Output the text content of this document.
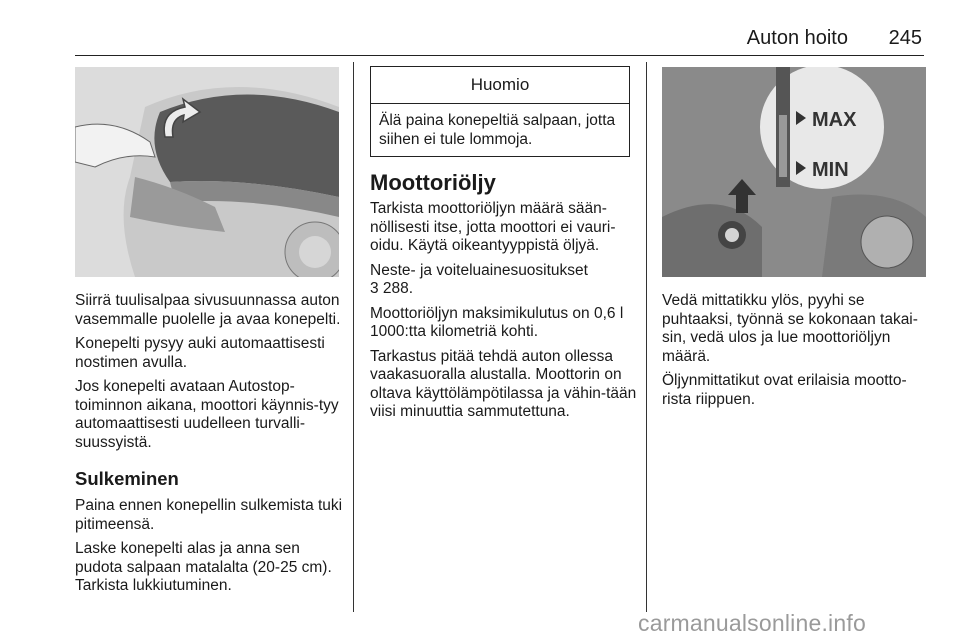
Auton hoito 245

Siirrä tuulisalpaa sivusuunnassa auton vasemmalle puolelle ja avaa konepelti.

Konepelti pysyy auki automaattisesti nostimen avulla.

Jos konepelti avataan Autostop-toiminnon aikana, moottori käynnis-tyy automaattisesti uudelleen turvalli-suussyistä.

Sulkeminen

Paina ennen konepellin sulkemista tuki pitimeensä.

Laske konepelti alas ja anna sen pudota salpaan matalalta (20-25 cm). Tarkista lukkiutuminen.

Huomio
Älä paina konepeltiä salpaan, jotta siihen ei tule lommoja.
Moottoriöljy

Tarkista moottoriöljyn määrä sään-nöllisesti itse, jotta moottori ei vauri-oidu. Käytä oikeantyyppistä öljyä.

Neste- ja voiteluainesuositukset

3 288.

Moottoriöljyn maksimikulutus on 0,6 l 1000:tta kilometriä kohti.

Tarkastus pitää tehdä auton ollessa vaakasuoralla alustalla. Moottorin on oltava käyttölämpötilassa ja vähin-tään viisi minuuttia sammutettuna.

MAX
MIN

Vedä mittatikku ylös, pyyhi se puhtaaksi, työnnä se kokonaan takai-sin, vedä ulos ja lue moottoriöljyn määrä.

Öljynmittatikut ovat erilaisia mootto-rista riippuen.

carmanualsonline.info
